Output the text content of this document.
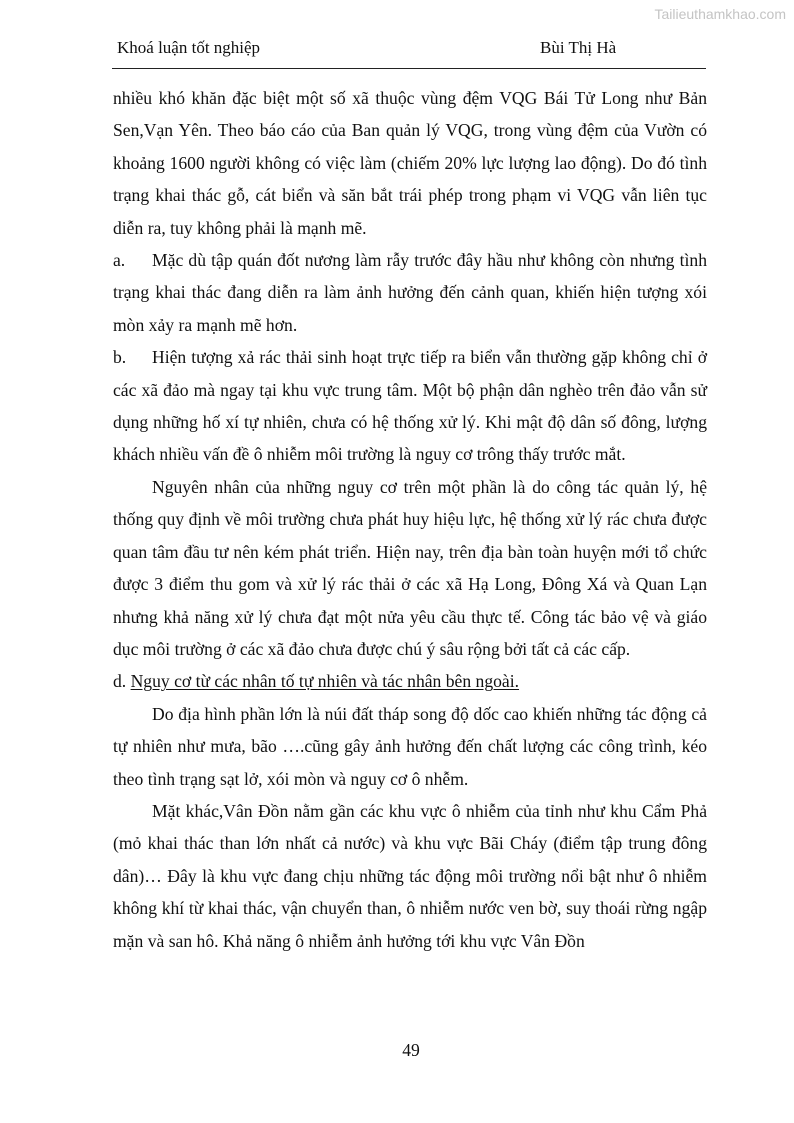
Tailieuthamkhao.com
Khoá luận tốt nghiệp	Bùi Thị Hà

nhiều khó khăn đặc biệt một số xã thuộc vùng đệm VQG Bái Tử Long như Bản Sen,Vạn Yên. Theo báo cáo của Ban quản lý VQG, trong vùng đệm của Vườn có khoảng 1600 người không có việc làm (chiếm 20% lực lượng lao động). Do đó tình trạng khai thác gỗ, cát biển và săn bắt trái phép trong phạm vi VQG vẫn liên tục diễn ra, tuy không phải là mạnh mẽ.

a. Mặc dù tập quán đốt nương làm rẫy trước đây hầu như không còn nhưng tình trạng khai thác đang diễn ra làm ảnh hưởng đến cảnh quan, khiến hiện tượng xói mòn xảy ra mạnh mẽ hơn.

b. Hiện tượng xả rác thải sinh hoạt trực tiếp ra biển vẫn thường gặp không chỉ ở các xã đảo mà ngay tại khu vực trung tâm. Một bộ phận dân nghèo trên đảo vẫn sử dụng những hố xí tự nhiên, chưa có hệ thống xử lý. Khi mật độ dân số đông, lượng khách nhiều vấn đề ô nhiễm môi trường là nguy cơ trông thấy trước mắt.

Nguyên nhân của những nguy cơ trên một phần là do công tác quản lý, hệ thống quy định về môi trường chưa phát huy hiệu lực, hệ thống xử lý rác chưa được quan tâm đầu tư nên kém phát triển. Hiện nay, trên địa bàn toàn huyện mới tổ chức được 3 điểm thu gom và xử lý rác thải ở các xã Hạ Long, Đông Xá và Quan Lạn nhưng khả năng xử lý chưa đạt một nửa yêu cầu thực tế. Công tác bảo vệ và giáo dục môi trường ở các xã đảo chưa được chú ý sâu rộng bởi tất cả các cấp.

d. Nguy cơ từ các nhân tố tự nhiên và tác nhân bên ngoài.

Do địa hình phần lớn là núi đất tháp song độ dốc cao khiến những tác động cả tự nhiên như mưa, bão ….cũng gây ảnh hưởng đến chất lượng các công trình, kéo theo tình trạng sạt lở, xói mòn và nguy cơ ô nhễm.

Mặt khác,Vân Đồn nằm gần các khu vực ô nhiễm của tỉnh như khu Cẩm Phả (mỏ khai thác than lớn nhất cả nước) và khu vực Bãi Cháy (điểm tập trung đông dân)… Đây là khu vực đang chịu những tác động môi trường nổi bật như ô nhiễm không khí từ khai thác, vận chuyển than, ô nhiễm nước ven bờ, suy thoái rừng ngập mặn và san hô. Khả năng ô nhiễm ảnh hưởng tới khu vực Vân Đồn

49
